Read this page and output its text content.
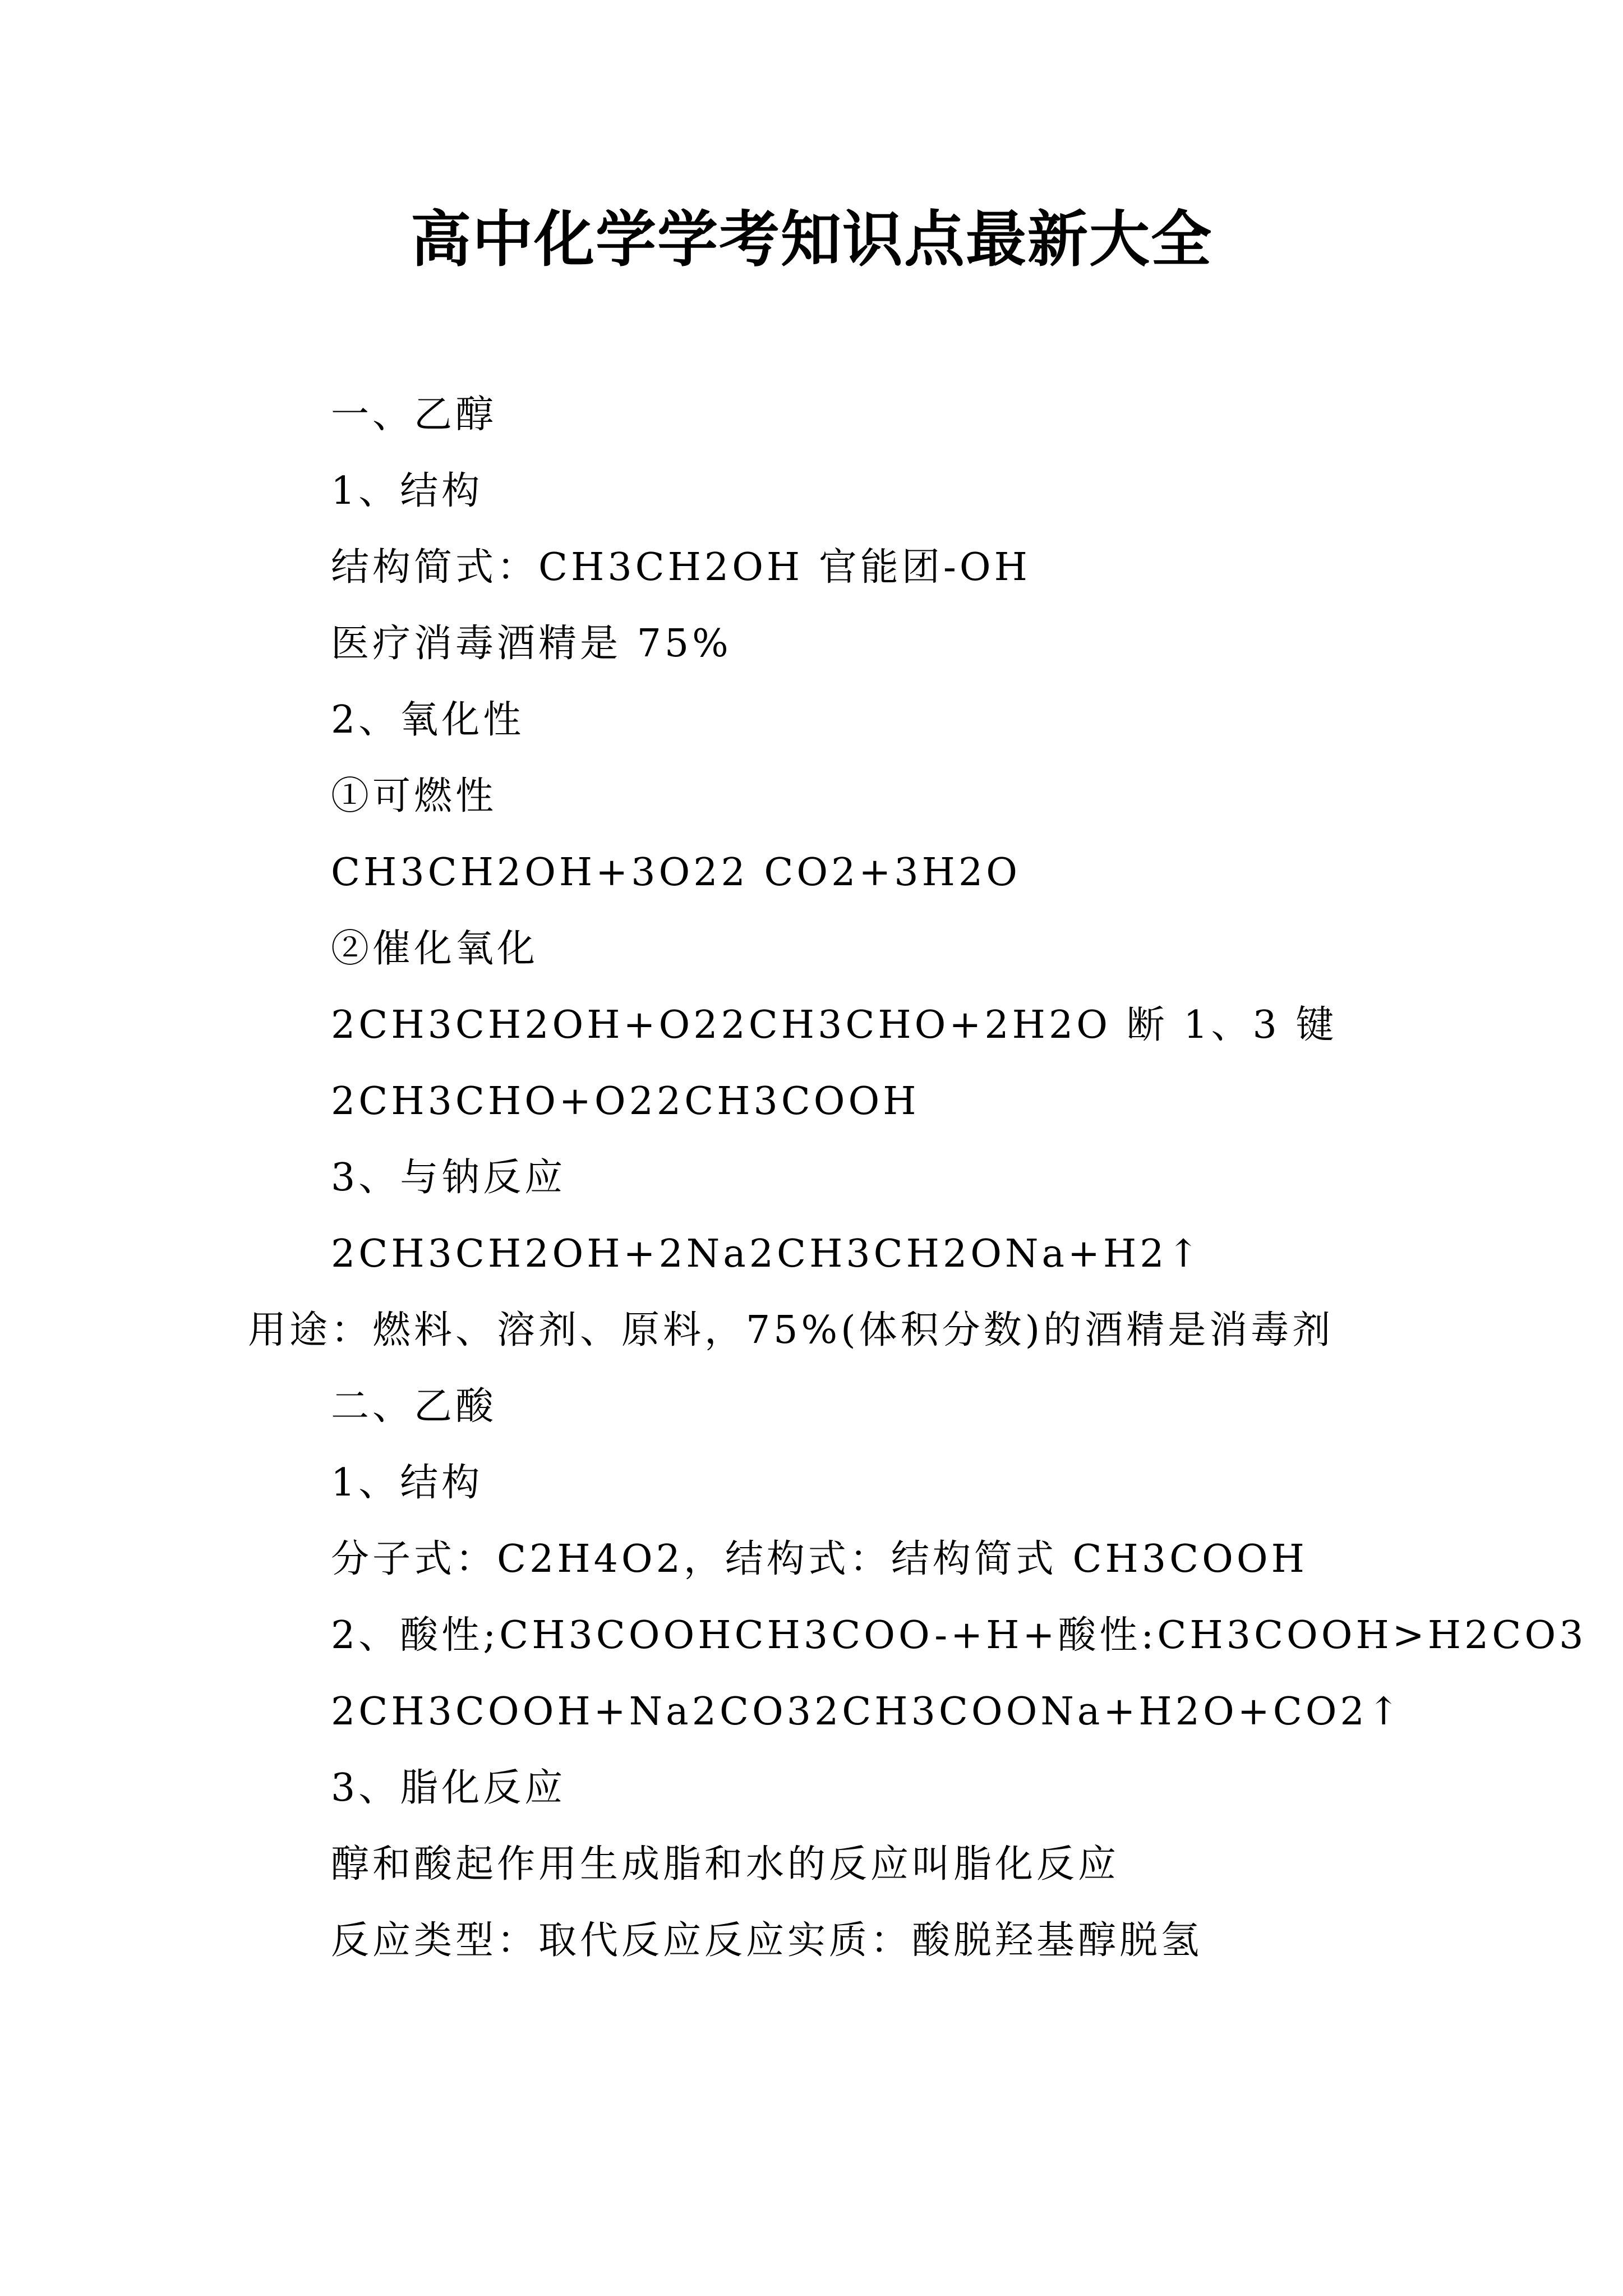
高中化学学考知识点最新大全

一、乙醇

1、结构

结构简式：CH3CH2OH 官能团-OH

医疗消毒酒精是 75%

2、氧化性

①可燃性

CH3CH2OH+3O22 CO2+3H2O

②催化氧化

2CH3CH2OH+O22CH3CHO+2H2O 断 1、3 键

2CH3CHO+O22CH3COOH

3、与钠反应

2CH3CH2OH+2Na2CH3CH2ONa+H2↑

用途：燃料、溶剂、原料，75%(体积分数)的酒精是消毒剂

二、乙酸

1、结构

分子式：C2H4O2，结构式：结构简式 CH3COOH

2、酸性;CH3COOHCH3COO-+H+酸性:CH3COOH>H2CO3

2CH3COOH+Na2CO32CH3COONa+H2O+CO2↑

3、脂化反应

醇和酸起作用生成脂和水的反应叫脂化反应

反应类型：取代反应反应实质：酸脱羟基醇脱氢
